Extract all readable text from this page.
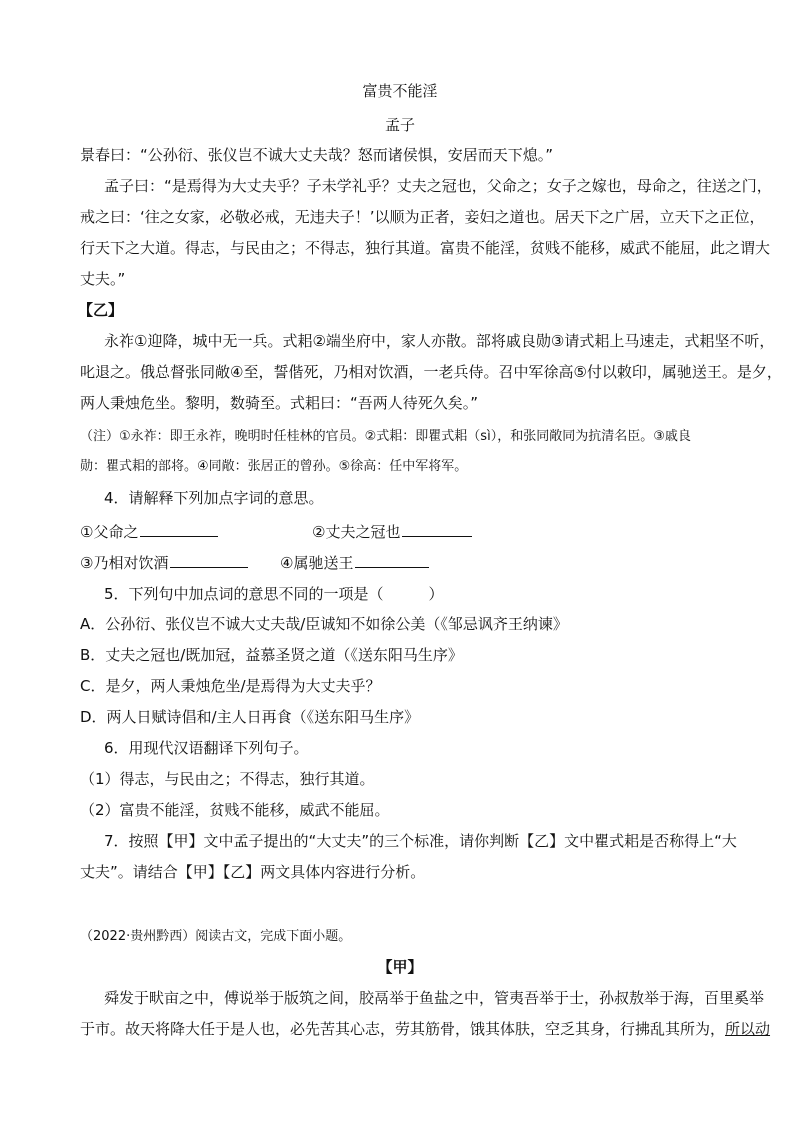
富贵不能淫
孟子
景春曰：“公孙衍、张仪岂不诚大丈夫哉？怒而诸侯惧，安居而天下熄。”
孟子曰：“是焉得为大丈夫乎？子未学礼乎？丈夫之冠也，父命之；女子之嫁也，母命之，往送之门，
戒之曰：‘往之女家，必敬必戒，无违夫子！’以顺为正者，妾妇之道也。居天下之广居，立天下之正位，
行天下之大道。得志，与民由之；不得志，独行其道。富贵不能淫，贫贱不能移，威武不能屈，此之谓大
丈夫。”
【乙】
永祚①迎降，城中无一兵。式耜②端坐府中，家人亦散。部将戚良勋③请式耜上马速走，式耜坚不听，
叱退之。俄总督张同敞④至，誓偕死，乃相对饮酒，一老兵侍。召中军徐高⑤付以敕印，属驰送王。是夕，
两人秉烛危坐。黎明，数骑至。式耜曰：“吾两人待死久矣。”
（注）①永祚：即王永祚，晚明时任桂林的官员。②式耜：即瞿式耜（sì），和张同敞同为抗清名臣。③戚良
勋：瞿式耜的部将。④同敞：张居正的曾孙。⑤徐高：任中军将军。
4．请解释下列加点字词的意思。
①父命之	②丈夫之冠也
③乃相对饮酒	④属驰送王
5．下列句中加点词的意思不同的一项是（　　　）
A．公孙衍、张仪岂不诚大丈夫哉/臣诚知不如徐公美（《邹忌讽齐王纳谏》
B．丈夫之冠也/既加冠，益慕圣贤之道（《送东阳马生序》
C．是夕，两人秉烛危坐/是焉得为大丈夫乎？
D．两人日赋诗倡和/主人日再食（《送东阳马生序》
6．用现代汉语翻译下列句子。
（1）得志，与民由之；不得志，独行其道。
（2）富贵不能淫，贫贱不能移，威武不能屈。
7．按照【甲】文中孟子提出的“大丈夫”的三个标准，请你判断【乙】文中瞿式耜是否称得上“大
丈夫”。请结合【甲】【乙】两文具体内容进行分析。
（2022·贵州黔西）阅读古文，完成下面小题。
【甲】
舜发于畎亩之中，傅说举于版筑之间，胶鬲举于鱼盐之中，管夷吾举于士，孙叔敖举于海，百里奚举
于市。故天将降大任于是人也，必先苦其心志，劳其筋骨，饿其体肤，空乏其身，行拂乱其所为，所以动
